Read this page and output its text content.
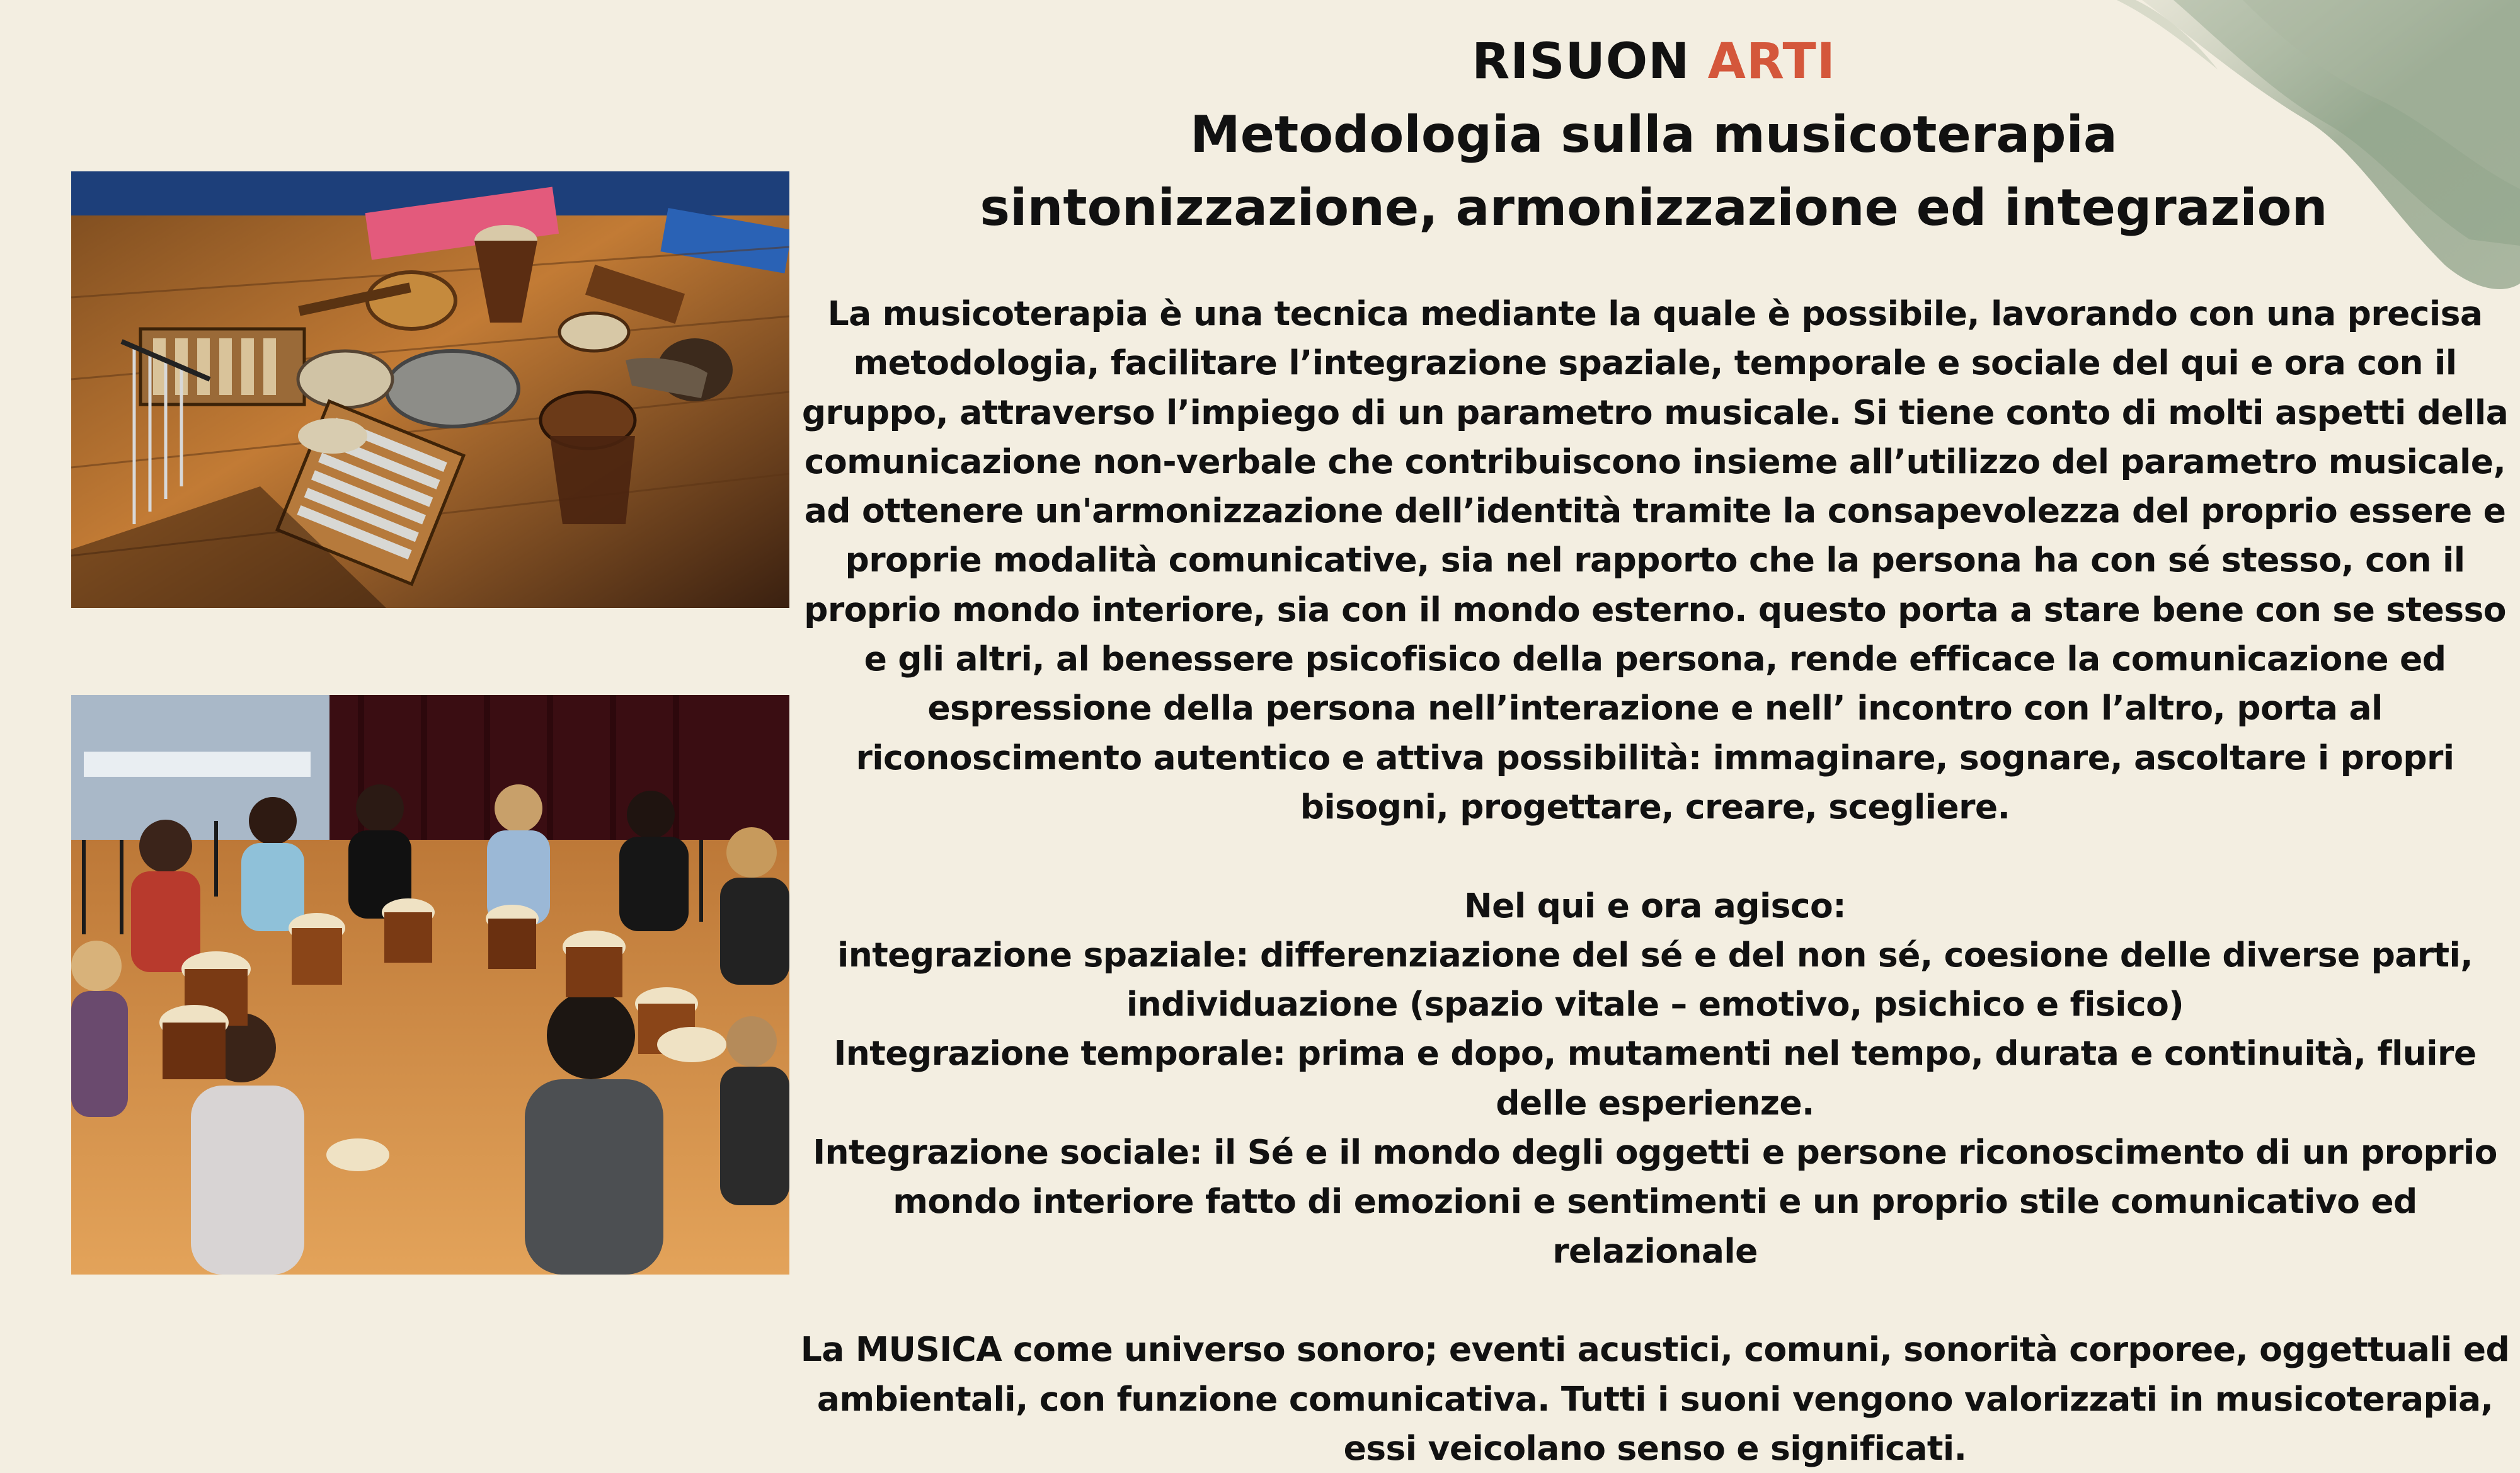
RISUON ARTI
Metodologia sulla musicoterapia
sintonizzazione, armonizzazione ed integrazion

La musicoterapia è una tecnica mediante la quale è possibile, lavorando con una precisa metodologia, facilitare l’integrazione spaziale, temporale e sociale del qui e ora con il gruppo, attraverso l’impiego di un parametro musicale. Si tiene conto di molti aspetti della comunicazione non-verbale che contribuiscono insieme all’utilizzo del parametro musicale, ad ottenere un'armonizzazione dell’identità tramite la consapevolezza del proprio essere e proprie modalità comunicative, sia nel rapporto che la persona ha con sé stesso, con il proprio mondo interiore, sia con il mondo esterno. questo porta a stare bene con se stesso e gli altri, al benessere psicofisico della persona, rende efficace la comunicazione ed espressione della persona nell’interazione e nell’ incontro con l’altro, porta al riconoscimento autentico e attiva possibilità: immaginare, sognare, ascoltare i propri bisogni, progettare, creare, scegliere.

Nel qui e ora agisco:

integrazione spaziale: differenziazione del sé e del non sé, coesione delle diverse parti, individuazione (spazio vitale – emotivo, psichico e fisico)

Integrazione temporale: prima e dopo, mutamenti nel tempo, durata e continuità, fluire delle esperienze.

Integrazione sociale: il Sé e il mondo degli oggetti e persone riconoscimento di un proprio mondo interiore fatto di emozioni e sentimenti e un proprio stile comunicativo ed relazionale

La MUSICA come universo sonoro; eventi acustici, comuni, sonorità corporee, oggettuali ed ambientali, con funzione comunicativa. Tutti i suoni vengono valorizzati in musicoterapia, essi veicolano senso e significati.
